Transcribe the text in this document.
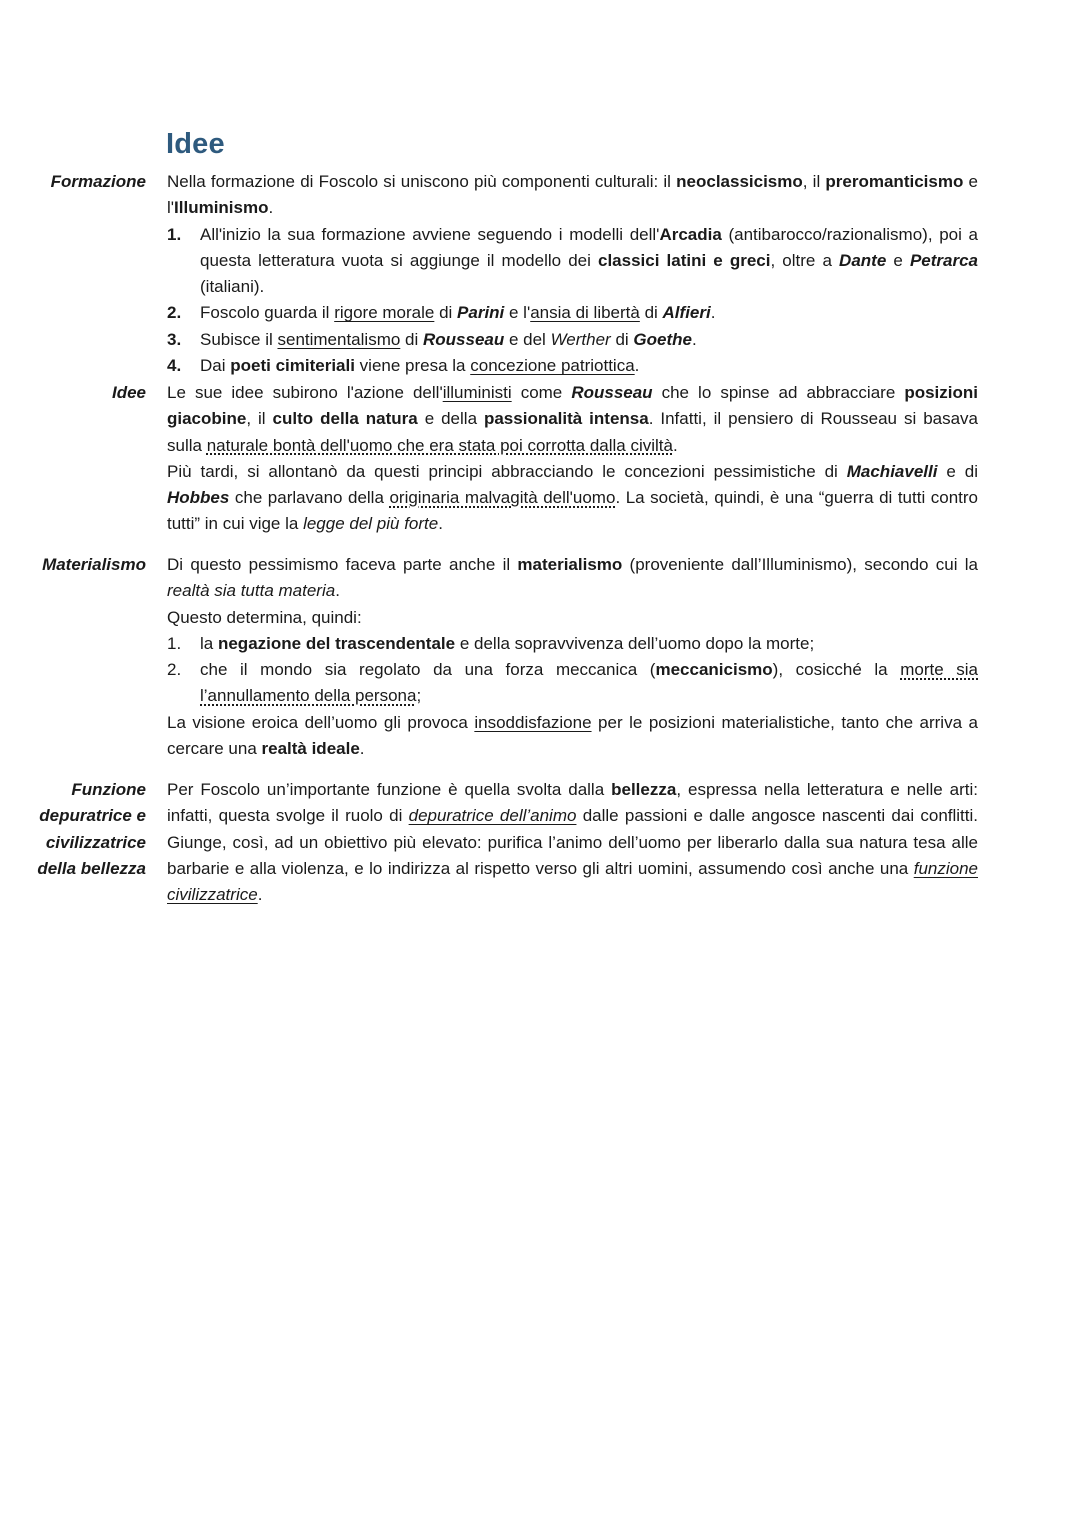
Idee
Formazione Nella formazione di Foscolo si uniscono più componenti culturali: il neoclassicismo, il preromanticismo e l'Illuminismo.

1. All'inizio la sua formazione avviene seguendo i modelli dell'Arcadia (antibarocco/razionalismo), poi a questa letteratura vuota si aggiunge il modello dei classici latini e greci, oltre a Dante e Petrarca (italiani).
2. Foscolo guarda il rigore morale di Parini e l'ansia di libertà di Alfieri.
3. Subisce il sentimentalismo di Rousseau e del Werther di Goethe.
4. Dai poeti cimiteriali viene presa la concezione patriottica.
Idee Le sue idee subirono l'azione dell'illuministi come Rousseau che lo spinse ad abbracciare posizioni giacobine, il culto della natura e della passionalità intensa. Infatti, il pensiero di Rousseau si basava sulla naturale bontà dell'uomo che era stata poi corrotta dalla civiltà.

Più tardi, si allontanò da questi principi abbracciando le concezioni pessimistiche di Machiavelli e di Hobbes che parlavano della originaria malvagità dell'uomo. La società, quindi, è una “guerra di tutti contro tutti” in cui vige la legge del più forte.

Materialismo Di questo pessimismo faceva parte anche il materialismo (proveniente dall’Illuminismo), secondo cui la realtà sia tutta materia.

Questo determina, quindi:

1. la negazione del trascendentale e della sopravvivenza dell’uomo dopo la morte;
2. che il mondo sia regolato da una forza meccanica (meccanicismo), cosicché la morte sia l’annullamento della persona;

La visione eroica dell’uomo gli provoca insoddisfazione per le posizioni materialistiche, tanto che arriva a cercare una realtà ideale.

Funzione
depuratrice e
civilizzatrice
della bellezza

Per Foscolo un’importante funzione è quella svolta dalla bellezza, espressa nella letteratura e nelle arti: infatti, questa svolge il ruolo di depuratrice dell’animo dalle passioni e dalle angosce nascenti dai conflitti. Giunge, così, ad un obiettivo più elevato: purifica l’animo dell’uomo per liberarlo dalla sua natura tesa alle barbarie e alla violenza, e lo indirizza al rispetto verso gli altri uomini, assumendo così anche una funzione civilizzatrice.
